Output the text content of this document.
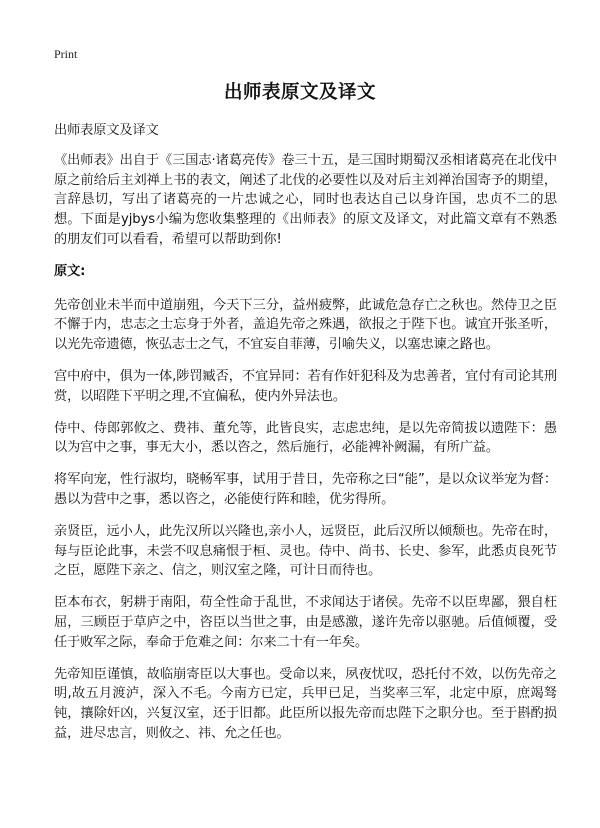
Print
出师表原文及译文

出师表原文及译文

《出师表》出自于《三国志·诸葛亮传》卷三十五，是三国时期蜀汉丞相诸葛亮在北伐中原之前给后主刘禅上书的表文，阐述了北伐的必要性以及对后主刘禅治国寄予的期望，言辞恳切，写出了诸葛亮的一片忠诚之心，同时也表达自己以身许国，忠贞不二的思想。下面是yjbys小编为您收集整理的《出师表》的原文及译文，对此篇文章有不熟悉的朋友们可以看看，希望可以帮助到你!

原文:

先帝创业未半而中道崩殂，今天下三分，益州疲弊，此诚危急存亡之秋也。然侍卫之臣不懈于内，忠志之士忘身于外者，盖追先帝之殊遇，欲报之于陛下也。诚宜开张圣听，以光先帝遗德，恢弘志士之气，不宜妄自菲薄，引喻失义，以塞忠谏之路也。

宫中府中，俱为一体,陟罚臧否，不宜异同：若有作奸犯科及为忠善者，宜付有司论其刑赏，以昭陛下平明之理,不宜偏私，使内外异法也。

侍中、侍郎郭攸之、费祎、董允等，此皆良实，志虑忠纯，是以先帝简拔以遗陛下：愚以为宫中之事，事无大小，悉以咨之，然后施行，必能裨补阙漏，有所广益。

将军向宠，性行淑均，晓畅军事，试用于昔日，先帝称之曰“能”，是以众议举宠为督：愚以为营中之事，悉以咨之，必能使行阵和睦，优劣得所。

亲贤臣，远小人，此先汉所以兴隆也,亲小人，远贤臣，此后汉所以倾颓也。先帝在时，每与臣论此事，未尝不叹息痛恨于桓、灵也。侍中、尚书、长史、参军，此悉贞良死节之臣，愿陛下亲之、信之，则汉室之隆，可计日而待也。

臣本布衣，躬耕于南阳，苟全性命于乱世，不求闻达于诸侯。先帝不以臣卑鄙，猥自枉屈，三顾臣于草庐之中，咨臣以当世之事，由是感激，遂许先帝以驱驰。后值倾覆，受任于败军之际，奉命于危难之间：尔来二十有一年矣。

先帝知臣谨慎，故临崩寄臣以大事也。受命以来，夙夜忧叹，恐托付不效，以伤先帝之明,故五月渡泸，深入不毛。今南方已定，兵甲已足，当奖率三军，北定中原，庶竭驽钝，攘除奸凶，兴复汉室，还于旧都。此臣所以报先帝而忠陛下之职分也。至于斟酌损益，进尽忠言，则攸之、祎、允之任也。
